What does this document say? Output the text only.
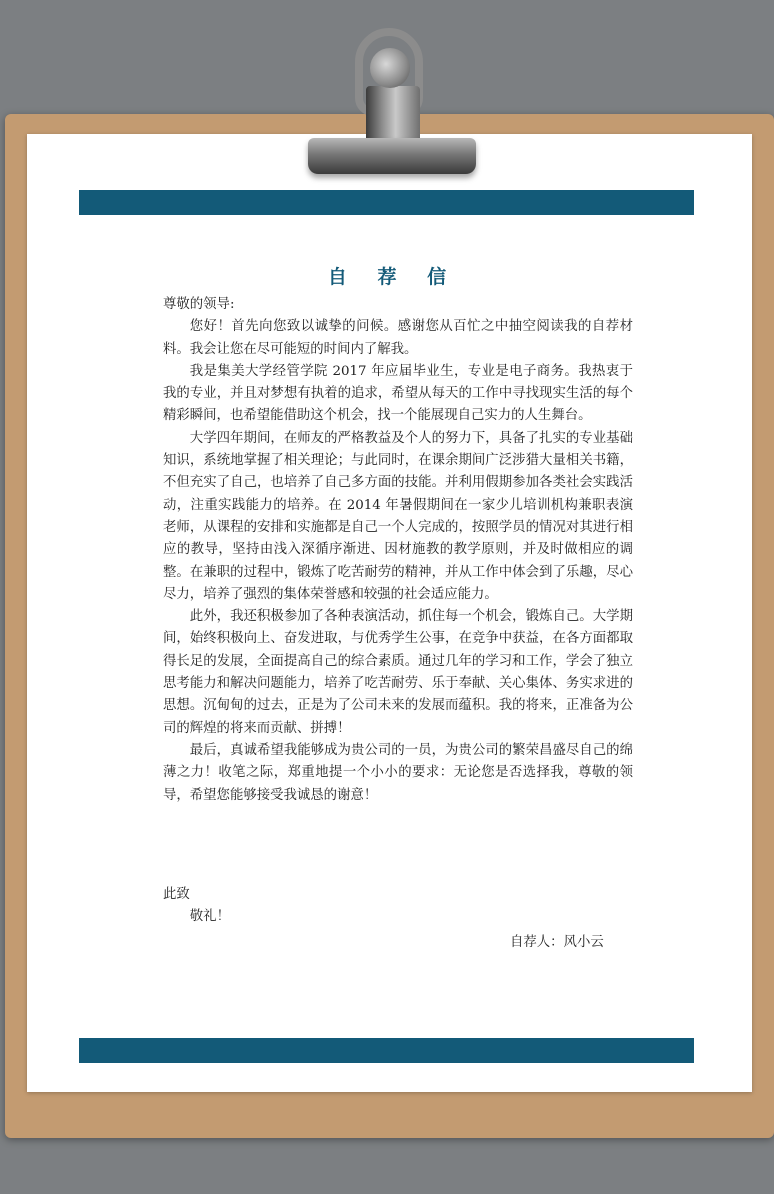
自 荐 信

尊敬的领导:

您好！首先向您致以诚挚的问候。感谢您从百忙之中抽空阅读我的自荐材料。我会让您在尽可能短的时间内了解我。

我是集美大学经管学院 2017 年应届毕业生，专业是电子商务。我热衷于我的专业，并且对梦想有执着的追求，希望从每天的工作中寻找现实生活的每个精彩瞬间，也希望能借助这个机会，找一个能展现自己实力的人生舞台。

大学四年期间，在师友的严格教益及个人的努力下，具备了扎实的专业基础知识，系统地掌握了相关理论；与此同时，在课余期间广泛涉猎大量相关书籍，不但充实了自己，也培养了自己多方面的技能。并利用假期参加各类社会实践活动，注重实践能力的培养。在 2014 年暑假期间在一家少儿培训机构兼职表演老师，从课程的安排和实施都是自己一个人完成的，按照学员的情况对其进行相应的教导，坚持由浅入深循序渐进、因材施教的教学原则，并及时做相应的调整。在兼职的过程中，锻炼了吃苦耐劳的精神，并从工作中体会到了乐趣，尽心尽力，培养了强烈的集体荣誉感和较强的社会适应能力。

此外，我还积极参加了各种表演活动，抓住每一个机会，锻炼自己。大学期间，始终积极向上、奋发进取，与优秀学生公事，在竞争中获益，在各方面都取得长足的发展，全面提高自己的综合素质。通过几年的学习和工作，学会了独立思考能力和解决问题能力，培养了吃苦耐劳、乐于奉献、关心集体、务实求进的思想。沉甸甸的过去，正是为了公司未来的发展而蕴积。我的将来，正准备为公司的辉煌的将来而贡献、拼搏！

最后，真诚希望我能够成为贵公司的一员，为贵公司的繁荣昌盛尽自己的绵薄之力！收笔之际，郑重地提一个小小的要求：无论您是否选择我，尊敬的领导，希望您能够接受我诚恳的谢意！

此致

敬礼！

自荐人：风小云
